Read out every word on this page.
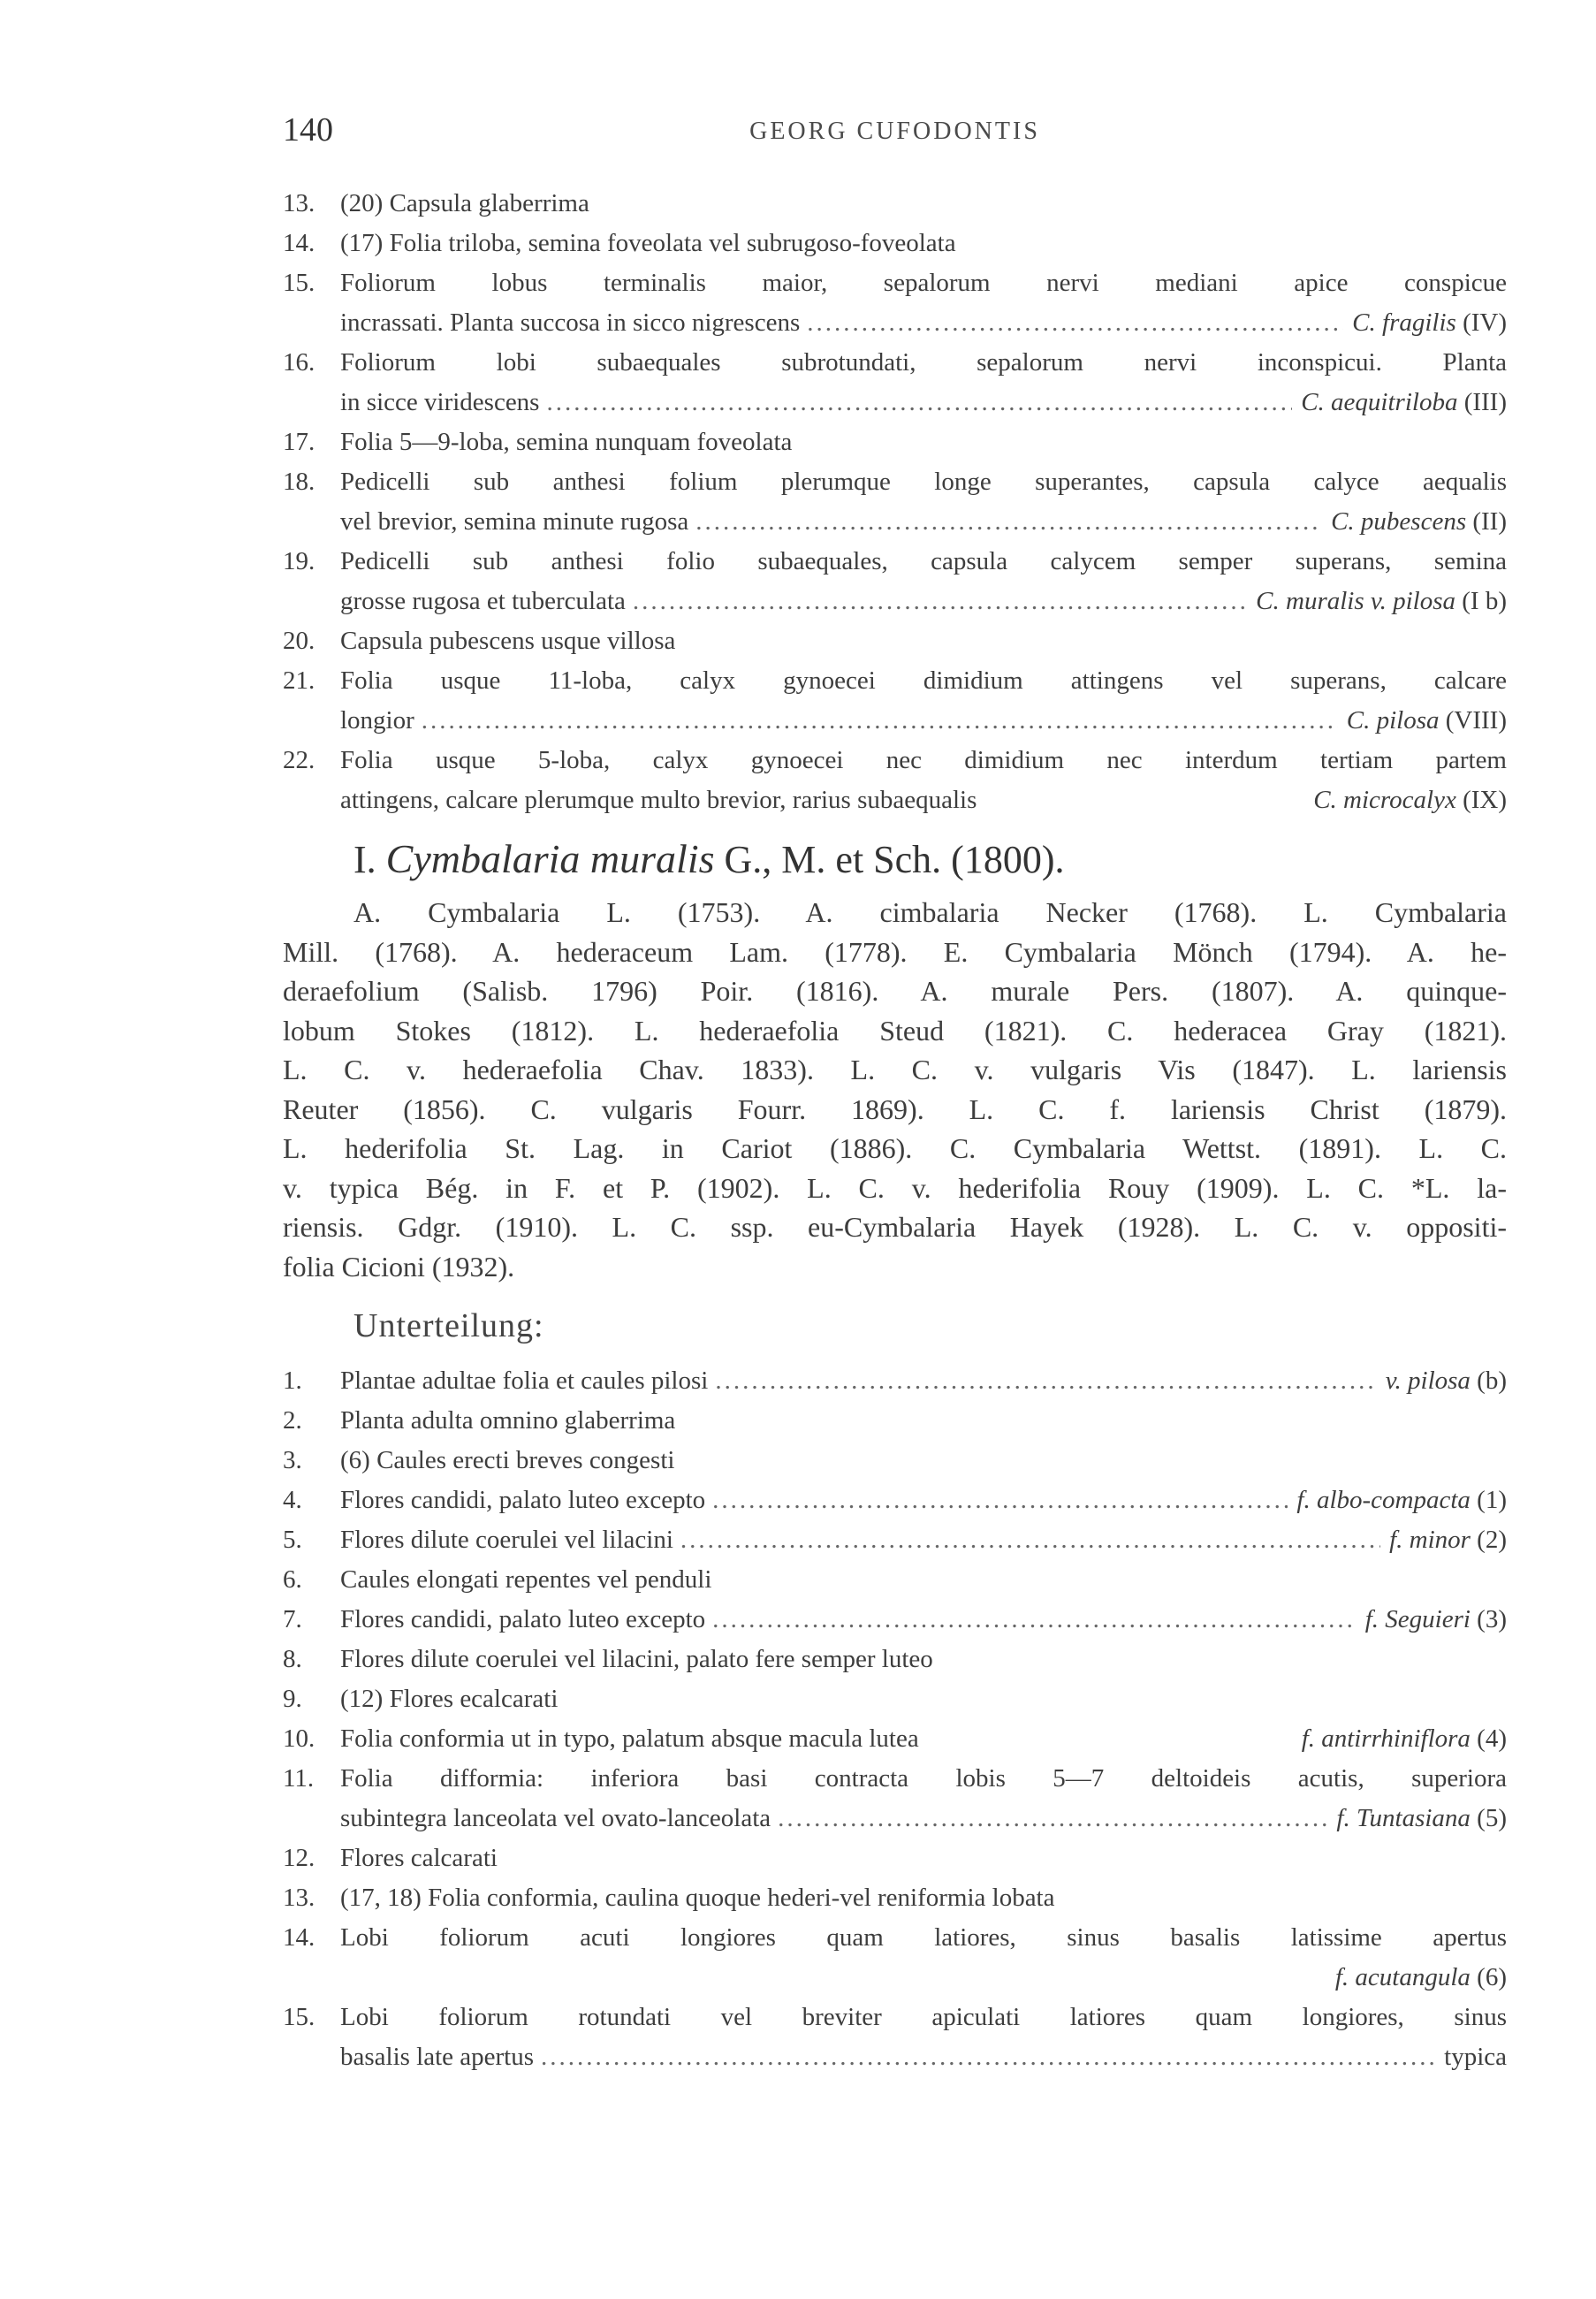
140	GEORG CUFODONTIS
13. (20) Capsula glaberrima
14. (17) Folia triloba, semina foveolata vel subrugoso-foveolata
15. Foliorum lobus terminalis maior, sepalorum nervi mediani apice conspicue
incrassati. Planta succosa in sicco nigrescens .....	C. fragilis (IV)
16. Foliorum lobi subaequales subrotundati, sepalorum nervi inconspicui. Planta
in sicce viridescens .....	C. aequitriloba (III)
17. Folia 5—9-loba, semina nunquam foveolata
18. Pedicelli sub anthesi folium plerumque longe superantes, capsula calyce aequalis
vel brevior, semina minute rugosa .....	C. pubescens (II)
19. Pedicelli sub anthesi folio subaequales, capsula calycem semper superans, semina
grosse rugosa et tuberculata .....	C. muralis v. pilosa (I b)
20. Capsula pubescens usque villosa
21. Folia usque 11-loba, calyx gynoecei dimidium attingens vel superans, calcare
longior .....	C. pilosa (VIII)
22. Folia usque 5-loba, calyx gynoecei nec dimidium nec interdum tertiam partem
attingens, calcare plerumque multo brevior, rarius subaequalis	C. microcalyx (IX)
I. Cymbalaria muralis G., M. et Sch. (1800).
A. Cymbalaria L. (1753). A. cimbalaria Necker (1768). L. Cymbalaria
Mill. (1768). A. hederaceum Lam. (1778). E. Cymbalaria Mönch (1794). A. he-
deraefolium (Salisb. 1796) Poir. (1816). A. murale Pers. (1807). A. quinque-
lobum Stokes (1812). L. hederaefolia Steud (1821). C. hederacea Gray (1821).
L. C. v. hederaefolia Chav. 1833). L. C. v. vulgaris Vis (1847). L. lariensis
Reuter (1856). C. vulgaris Fourr. 1869). L. C. f. lariensis Christ (1879).
L. hederifolia St. Lag. in Cariot (1886). C. Cymbalaria Wettst. (1891). L. C.
v. typica Bég. in F. et P. (1902). L. C. v. hederifolia Rouy (1909). L. C. *L. la-
riensis. Gdgr. (1910). L. C. ssp. eu-Cymbalaria Hayek (1928). L. C. v. oppositi-
folia Cicioni (1932).
Unterteilung:
1.	Plantae adultae folia et caules pilosi .....	v. pilosa (b)
2.	Planta adulta omnino glaberrima
3.	(6) Caules erecti breves congesti
4.	Flores candidi, palato luteo excepto .....	f. albo-compacta (1)
5.	Flores dilute coerulei vel lilacini .....	f. minor (2)
6.	Caules elongati repentes vel penduli
7.	Flores candidi, palato luteo excepto .....	f. Seguieri (3)
8.	Flores dilute coerulei vel lilacini, palato fere semper luteo
9.	(12) Flores ecalcarati
10. Folia conformia ut in typo, palatum absque macula lutea	f. antirrhiniflora (4)
11.	Folia difformia: inferiora basi contracta lobis 5—7 deltoideis acutis, superiora
subintegra lanceolata vel ovato-lanceolata .....	f. Tuntasiana (5)
12. Flores calcarati
13. (17, 18) Folia conformia, caulina quoque hederi-vel reniformia lobata
14. Lobi foliorum acuti longiores quam latiores, sinus basalis latissime apertus
f. acutangula (6)
15. Lobi foliorum rotundati vel breviter apiculati latiores quam longiores, sinus
basalis late apertus .....	typica
